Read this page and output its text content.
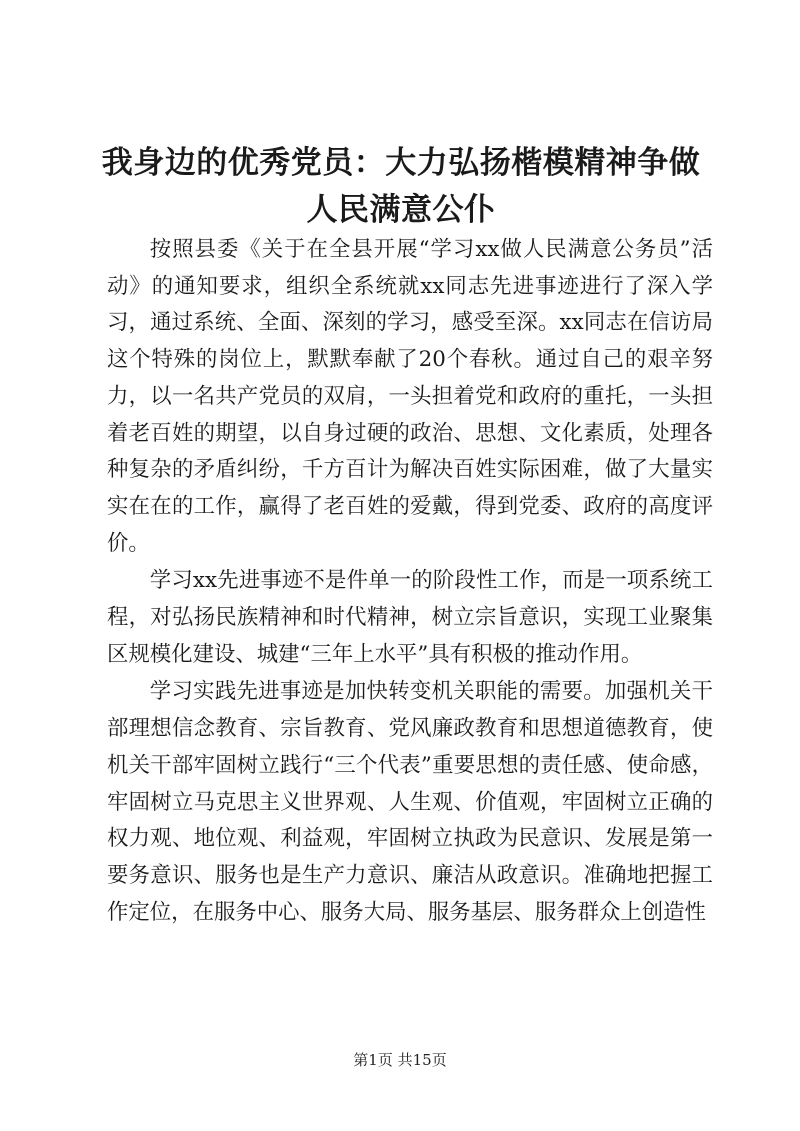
我身边的优秀党员：大力弘扬楷模精神争做人民满意公仆

按照县委《关于在全县开展“学习xx做人民满意公务员”活动》的通知要求，组织全系统就xx同志先进事迹进行了深入学习，通过系统、全面、深刻的学习，感受至深。xx同志在信访局这个特殊的岗位上，默默奉献了20个春秋。通过自己的艰辛努力，以一名共产党员的双肩，一头担着党和政府的重托，一头担着老百姓的期望，以自身过硬的政治、思想、文化素质，处理各种复杂的矛盾纠纷，千方百计为解决百姓实际困难，做了大量实实在在的工作，赢得了老百姓的爱戴，得到党委、政府的高度评价。

学习xx先进事迹不是件单一的阶段性工作，而是一项系统工程，对弘扬民族精神和时代精神，树立宗旨意识，实现工业聚集区规模化建设、城建“三年上水平”具有积极的推动作用。

学习实践先进事迹是加快转变机关职能的需要。加强机关干部理想信念教育、宗旨教育、党风廉政教育和思想道德教育，使机关干部牢固树立践行“三个代表”重要思想的责任感、使命感，牢固树立马克思主义世界观、人生观、价值观，牢固树立正确的权力观、地位观、利益观，牢固树立执政为民意识、发展是第一要务意识、服务也是生产力意识、廉洁从政意识。准确地把握工作定位，在服务中心、服务大局、服务基层、服务群众上创造性

第1页 共15页
